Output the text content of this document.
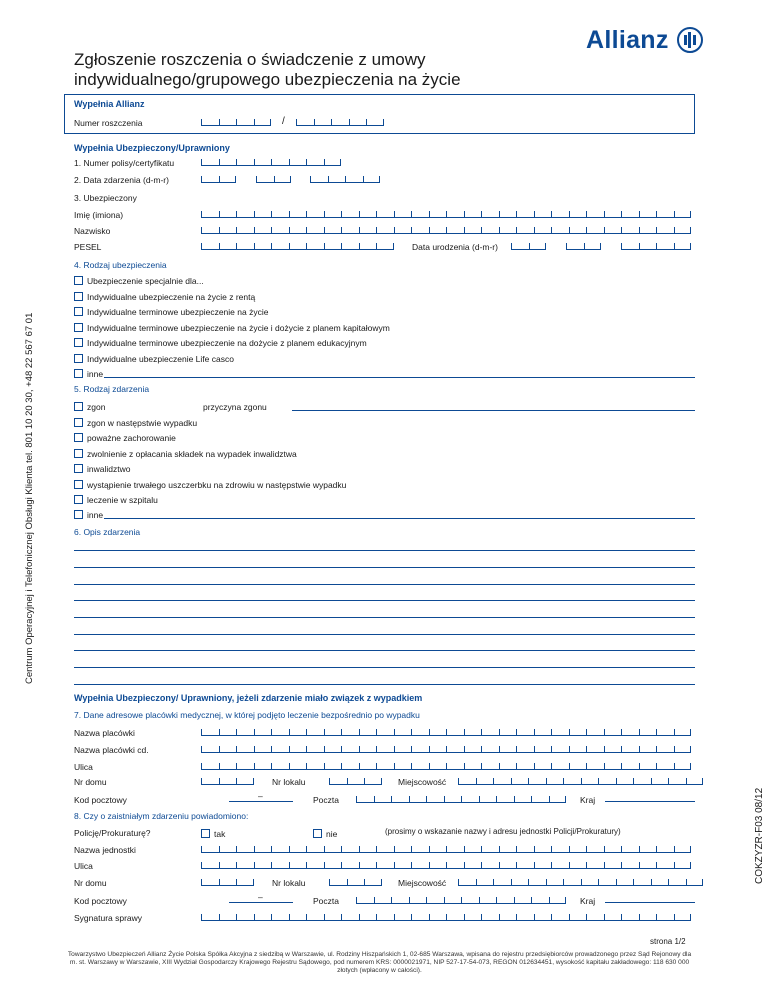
Zgłoszenie roszczenia o świadczenie z umowy
indywidualnego/grupowego ubezpieczenia na życie
Allianz
Wypełnia Allianz
Numer roszczenia	/
Wypełnia Ubezpieczony/Uprawniony
1. Numer polisy/certyfikatu
2. Data zdarzenia (d-m-r)
3. Ubezpieczony
Imię (imiona)
Nazwisko
PESEL	Data urodzenia (d-m-r)
4. Rodzaj ubezpieczenia
Ubezpieczenie specjalnie dla...
Indywidualne ubezpieczenie na życie z rentą
Indywidualne terminowe ubezpieczenie na życie
Indywidualne terminowe ubezpieczenie na życie i dożycie z planem kapitałowym
Indywidualne terminowe ubezpieczenie na dożycie z planem edukacyjnym
Indywidualne ubezpieczenie Life casco
inne
5. Rodzaj zdarzenia
zgon	przyczyna zgonu
zgon w następstwie wypadku
poważne zachorowanie
zwolnienie z opłacania składek na wypadek inwalidztwa
inwalidztwo
wystąpienie trwałego uszczerbku na zdrowiu w następstwie wypadku
leczenie w szpitalu
inne
6. Opis zdarzenia
Wypełnia Ubezpieczony/ Uprawniony, jeżeli zdarzenie miało związek z wypadkiem
7. Dane adresowe placówki medycznej, w której podjęto leczenie bezpośrednio po wypadku
Nazwa placówki
Nazwa placówki cd.
Ulica
Nr domu	Nr lokalu	Miejscowość
Kod pocztowy	–	Poczta	Kraj
8. Czy o zaistniałym zdarzeniu powiadomiono:
Policję/Prokuraturę?	tak	nie	(prosimy o wskazanie nazwy i adresu jednostki Policji/Prokuratury)
Nazwa jednostki
Ulica
Nr domu	Nr lokalu	Miejscowość
Kod pocztowy	–	Poczta	Kraj
Sygnatura sprawy
Centrum Operacyjnej i Telefonicznej Obsługi Klienta tel. 801 10 20 30, +48 22 567 67 01
COKZYZR-F03 08/12
strona 1/2
Towarzystwo Ubezpieczeń Allianz Życie Polska Spółka Akcyjna z siedzibą w Warszawie, ul. Rodziny Hiszpańskich 1, 02-685 Warszawa, wpisana do rejestru przedsiębiorców prowadzonego przez Sąd Rejonowy dla m. st. Warszawy w Warszawie, XIII Wydział Gospodarczy Krajowego Rejestru Sądowego, pod numerem KRS: 0000021971, NIP 527-17-54-073, REGON 012634451, wysokość kapitału zakładowego: 118 630 000 złotych (wpłacony w całości).
